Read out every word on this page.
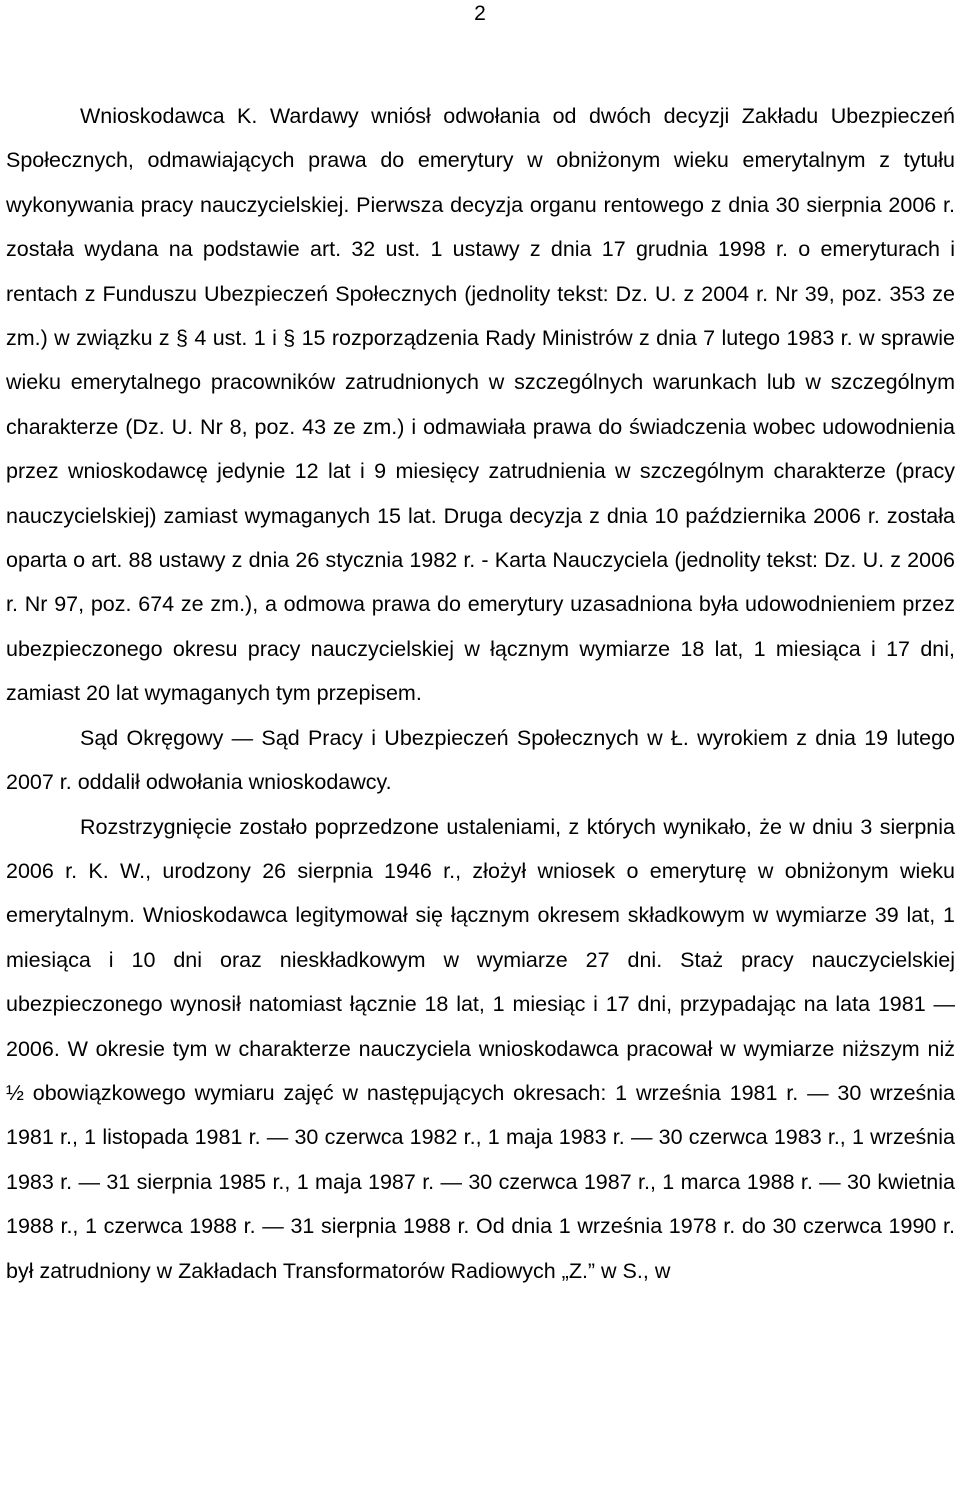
2

Wnioskodawca K. Wardawy wniósł odwołania od dwóch decyzji Zakładu Ubezpieczeń Społecznych, odmawiających prawa do emerytury w obniżonym wieku emerytalnym z tytułu wykonywania pracy nauczycielskiej. Pierwsza decyzja organu rentowego z dnia 30 sierpnia 2006 r. została wydana na podstawie art. 32 ust. 1 ustawy z dnia 17 grudnia 1998 r. o emeryturach i rentach z Funduszu Ubezpieczeń Społecznych (jednolity tekst: Dz. U. z 2004 r. Nr 39, poz. 353 ze zm.) w związku z § 4 ust. 1 i § 15 rozporządzenia Rady Ministrów z dnia 7 lutego 1983 r. w sprawie wieku emerytalnego pracowników zatrudnionych w szczególnych warunkach lub w szczególnym charakterze (Dz. U. Nr 8, poz. 43 ze zm.) i odmawiała prawa do świadczenia wobec udowodnienia przez wnioskodawcę jedynie 12 lat i 9 miesięcy zatrudnienia w szczególnym charakterze (pracy nauczycielskiej) zamiast wymaganych 15 lat. Druga decyzja z dnia 10 października 2006 r. została oparta o art. 88 ustawy z dnia 26 stycznia 1982 r. - Karta Nauczyciela (jednolity tekst: Dz. U. z 2006 r. Nr 97, poz. 674 ze zm.), a odmowa prawa do emerytury uzasadniona była udowodnieniem przez ubezpieczonego okresu pracy nauczycielskiej w łącznym wymiarze 18 lat, 1 miesiąca i 17 dni, zamiast 20 lat wymaganych tym przepisem.

Sąd Okręgowy — Sąd Pracy i Ubezpieczeń Społecznych w Ł. wyrokiem z dnia 19 lutego 2007 r. oddalił odwołania wnioskodawcy.

Rozstrzygnięcie zostało poprzedzone ustaleniami, z których wynikało, że w dniu 3 sierpnia 2006 r. K. W., urodzony 26 sierpnia 1946 r., złożył wniosek o emeryturę w obniżonym wieku emerytalnym. Wnioskodawca legitymował się łącznym okresem składkowym w wymiarze 39 lat, 1 miesiąca i 10 dni oraz nieskładkowym w wymiarze 27 dni. Staż pracy nauczycielskiej ubezpieczonego wynosił natomiast łącznie 18 lat, 1 miesiąc i 17 dni, przypadając na lata 1981 — 2006. W okresie tym w charakterze nauczyciela wnioskodawca pracował w wymiarze niższym niż ½ obowiązkowego wymiaru zajęć w następujących okresach: 1 września 1981 r. — 30 września 1981 r., 1 listopada 1981 r. — 30 czerwca 1982 r., 1 maja 1983 r. — 30 czerwca 1983 r., 1 września 1983 r. — 31 sierpnia 1985 r., 1 maja 1987 r. — 30 czerwca 1987 r., 1 marca 1988 r. — 30 kwietnia 1988 r., 1 czerwca 1988 r. — 31 sierpnia 1988 r. Od dnia 1 września 1978 r. do 30 czerwca 1990 r. był zatrudniony w Zakładach Transformatorów Radiowych „Z.” w S., w
